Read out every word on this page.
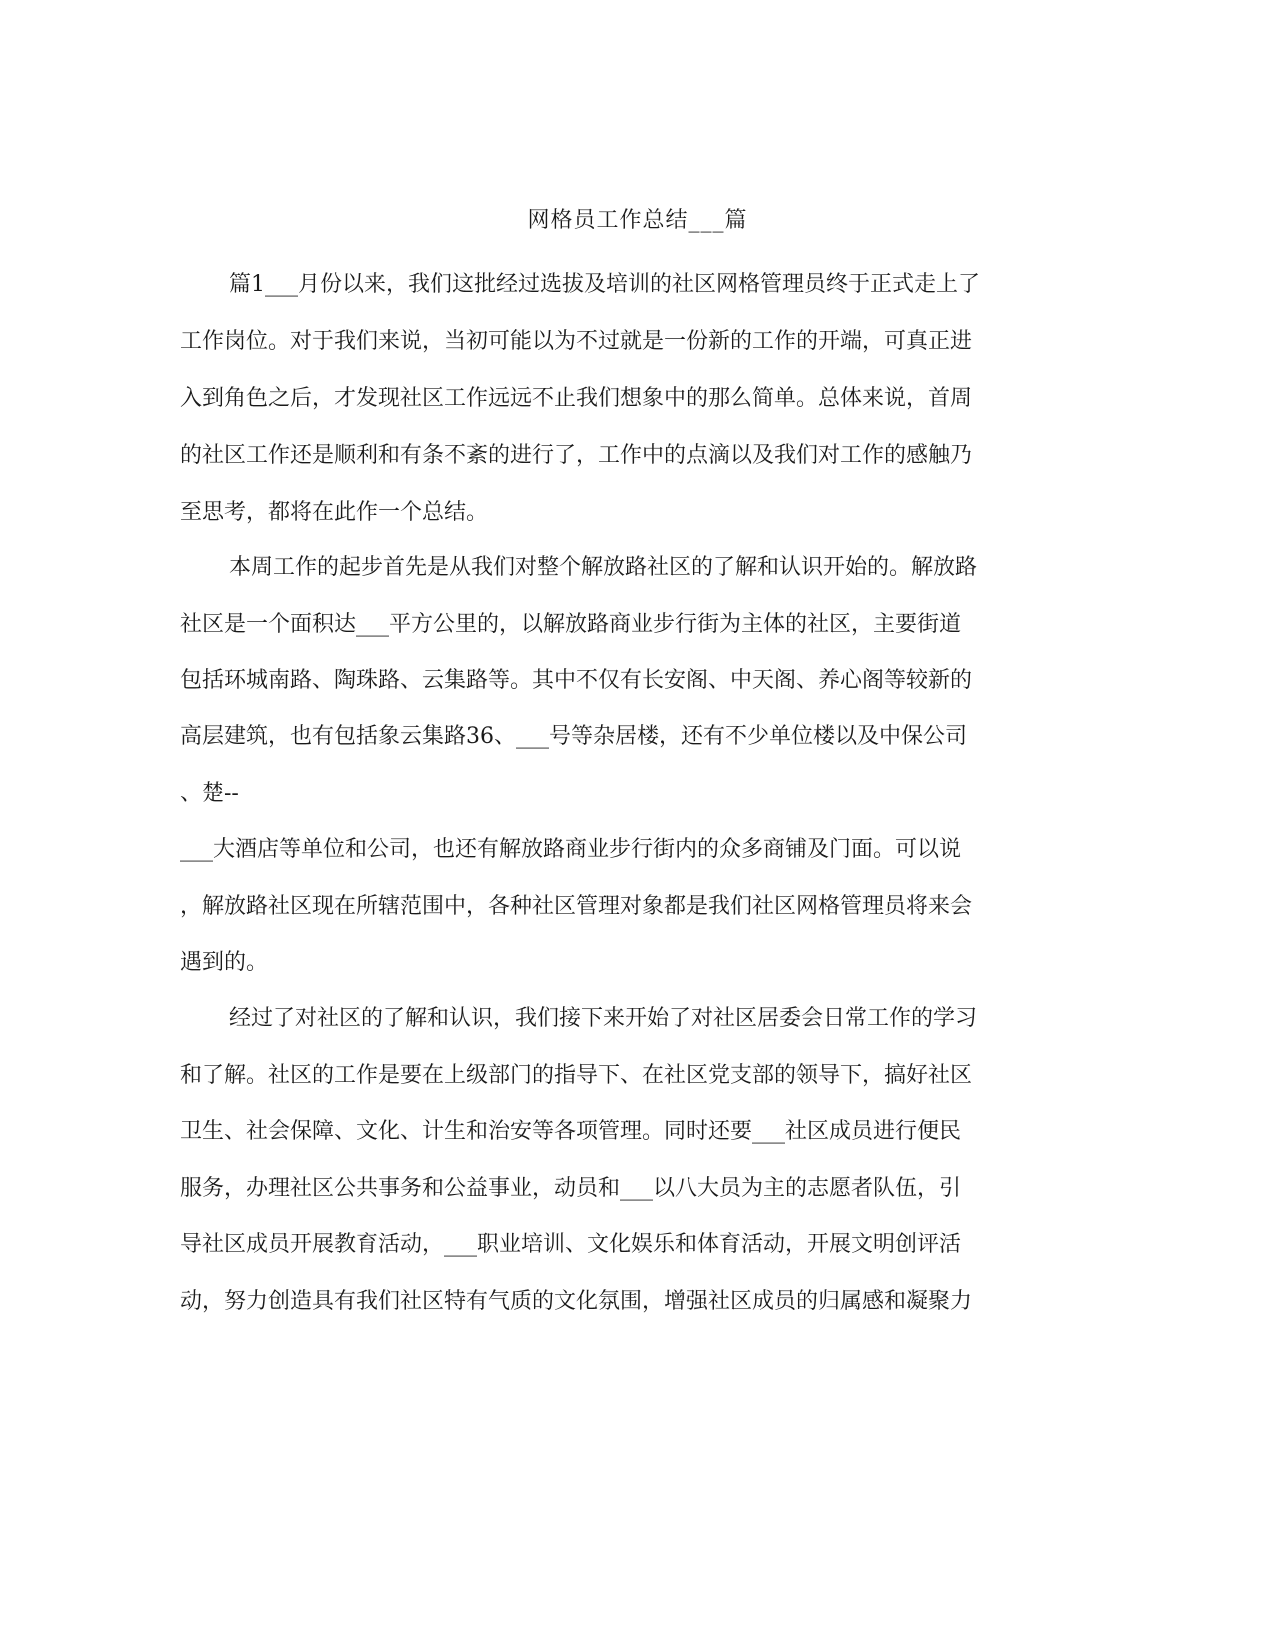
网格员工作总结___篇
篇1___月份以来，我们这批经过选拔及培训的社区网格管理员终于正式走上了
工作岗位。对于我们来说，当初可能以为不过就是一份新的工作的开端，可真正进
入到角色之后，才发现社区工作远远不止我们想象中的那么简单。总体来说，首周
的社区工作还是顺利和有条不紊的进行了，工作中的点滴以及我们对工作的感触乃
至思考，都将在此作一个总结。
本周工作的起步首先是从我们对整个解放路社区的了解和认识开始的。解放路
社区是一个面积达___平方公里的，以解放路商业步行街为主体的社区，主要街道
包括环城南路、陶珠路、云集路等。其中不仅有长安阁、中天阁、养心阁等较新的
高层建筑，也有包括象云集路36、___号等杂居楼，还有不少单位楼以及中保公司
、楚--
___大酒店等单位和公司，也还有解放路商业步行街内的众多商铺及门面。可以说
，解放路社区现在所辖范围中，各种社区管理对象都是我们社区网格管理员将来会
遇到的。
经过了对社区的了解和认识，我们接下来开始了对社区居委会日常工作的学习
和了解。社区的工作是要在上级部门的指导下、在社区党支部的领导下，搞好社区
卫生、社会保障、文化、计生和治安等各项管理。同时还要___社区成员进行便民
服务，办理社区公共事务和公益事业，动员和___以八大员为主的志愿者队伍，引
导社区成员开展教育活动，___职业培训、文化娱乐和体育活动，开展文明创评活
动，努力创造具有我们社区特有气质的文化氛围，增强社区成员的归属感和凝聚力
